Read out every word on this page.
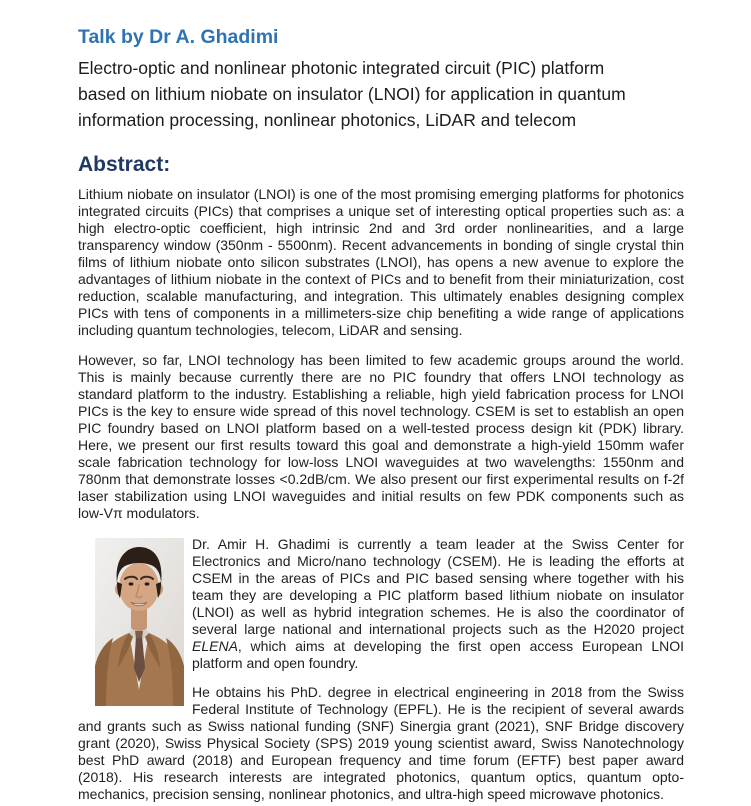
Talk by Dr A. Ghadimi

Electro-optic and nonlinear photonic integrated circuit (PIC) platform based on lithium niobate on insulator (LNOI) for application in quantum information processing, nonlinear photonics, LiDAR and telecom

Abstract:

Lithium niobate on insulator (LNOI) is one of the most promising emerging platforms for photonics integrated circuits (PICs) that comprises a unique set of interesting optical properties such as: a high electro-optic coefficient, high intrinsic 2nd and 3rd order nonlinearities, and a large transparency window (350nm - 5500nm). Recent advancements in bonding of single crystal thin films of lithium niobate onto silicon substrates (LNOI), has opens a new avenue to explore the advantages of lithium niobate in the context of PICs and to benefit from their miniaturization, cost reduction, scalable manufacturing, and integration. This ultimately enables designing complex PICs with tens of components in a millimeters-size chip benefiting a wide range of applications including quantum technologies, telecom, LiDAR and sensing.

However, so far, LNOI technology has been limited to few academic groups around the world. This is mainly because currently there are no PIC foundry that offers LNOI technology as standard platform to the industry. Establishing a reliable, high yield fabrication process for LNOI PICs is the key to ensure wide spread of this novel technology. CSEM is set to establish an open PIC foundry based on LNOI platform based on a well-tested process design kit (PDK) library. Here, we present our first results toward this goal and demonstrate a high-yield 150mm wafer scale fabrication technology for low-loss LNOI waveguides at two wavelengths: 1550nm and 780nm that demonstrate losses <0.2dB/cm. We also present our first experimental results on f-2f laser stabilization using LNOI waveguides and initial results on few PDK components such as low-Vπ modulators.

Dr. Amir H. Ghadimi is currently a team leader at the Swiss Center for Electronics and Micro/nano technology (CSEM). He is leading the efforts at CSEM in the areas of PICs and PIC based sensing where together with his team they are developing a PIC platform based lithium niobate on insulator (LNOI) as well as hybrid integration schemes. He is also the coordinator of several large national and international projects such as the H2020 project ELENA, which aims at developing the first open access European LNOI platform and open foundry.

He obtains his PhD. degree in electrical engineering in 2018 from the Swiss Federal Institute of Technology (EPFL). He is the recipient of several awards and grants such as Swiss national funding (SNF) Sinergia grant (2021), SNF Bridge discovery grant (2020), Swiss Physical Society (SPS) 2019 young scientist award, Swiss Nanotechnology best PhD award (2018) and European frequency and time forum (EFTF) best paper award (2018). His research interests are integrated photonics, quantum optics, quantum opto-mechanics, precision sensing, nonlinear photonics, and ultra-high speed microwave photonics.
